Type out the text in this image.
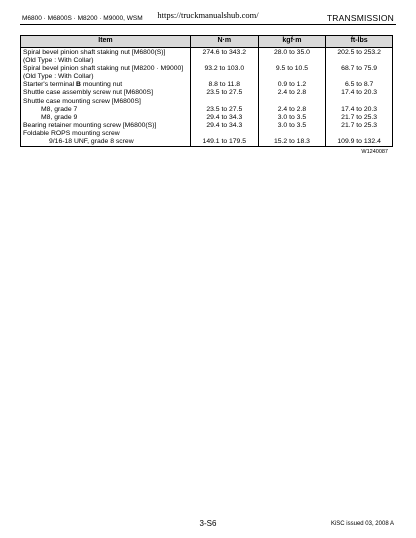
https://truckmanualshub.com/
M6800 · M6800S · M8200 · M9000, WSM	TRANSMISSION
Item	N·m	kgf·m	ft-lbs
Spiral bevel pinion shaft staking nut [M6800(S)]	274.6 to 343.2	28.0 to 35.0	202.5 to 253.2
(Old Type : With Collar)			
Spiral bevel pinion shaft staking nut [M8200 · M9000]	93.2 to 103.0	9.5 to 10.5	68.7 to 75.9
(Old Type : With Collar)			
Starter's terminal B mounting nut	8.8 to 11.8	0.9 to 1.2	6.5 to 8.7
Shuttle case assembly screw nut [M6800S]	23.5 to 27.5	2.4 to 2.8	17.4 to 20.3
Shuttle case mounting screw [M6800S]			
M8, grade 7	23.5 to 27.5	2.4 to 2.8	17.4 to 20.3
M8, grade 9	29.4 to 34.3	3.0 to 3.5	21.7 to 25.3
Bearing retainer mounting screw [M6800(S)]	29.4 to 34.3	3.0 to 3.5	21.7 to 25.3
Foldable ROPS mounting screw			
9/16-18 UNF, grade 8 screw	149.1 to 179.5	15.2 to 18.3	109.9 to 132.4
W1240087
3-S6	KiSC issued 03, 2008 A
